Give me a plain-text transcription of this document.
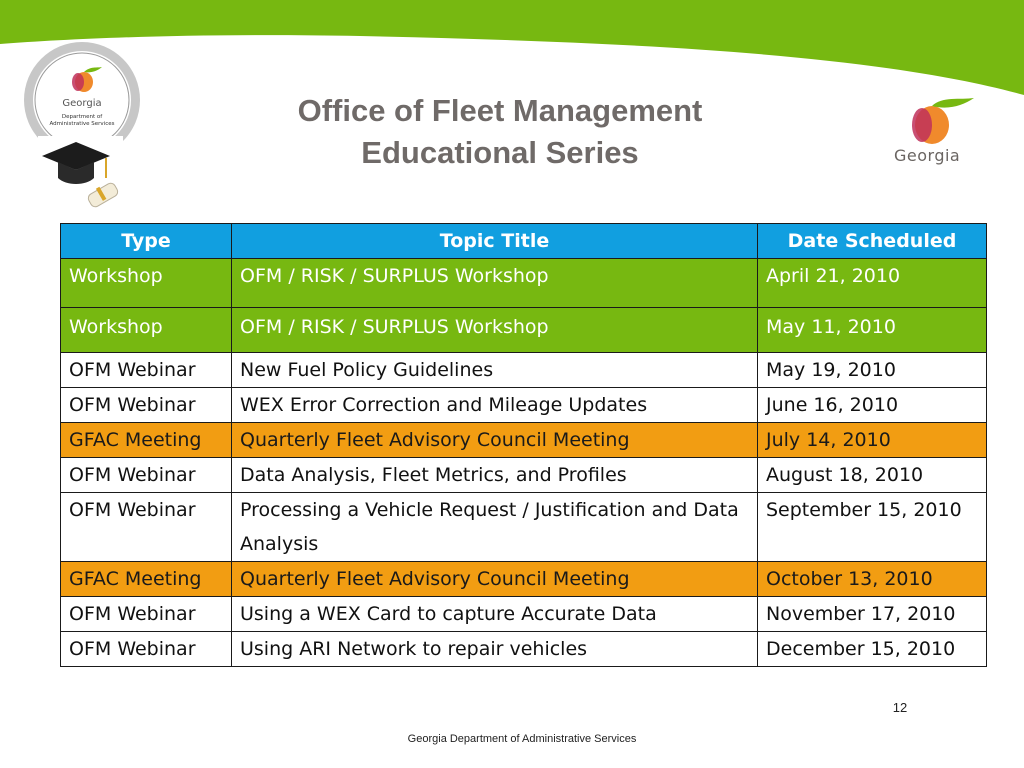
Georgia
Department of
Administrative Services	Office of Fleet Management
Educational Series	Georgia
Type	Topic Title	Date Scheduled
Workshop	OFM / RISK / SURPLUS Workshop	April 21, 2010
Workshop	OFM / RISK / SURPLUS Workshop	May 11, 2010
OFM Webinar	New Fuel Policy Guidelines	May 19, 2010
OFM Webinar	WEX Error Correction and Mileage Updates	June 16, 2010
GFAC Meeting	Quarterly Fleet Advisory Council Meeting	July 14, 2010
OFM Webinar	Data Analysis, Fleet Metrics, and Profiles	August 18, 2010
OFM Webinar	Processing a Vehicle Request / Justification and Data Analysis	September 15, 2010
GFAC Meeting	Quarterly Fleet Advisory Council Meeting	October 13, 2010
OFM Webinar	Using a WEX Card to capture Accurate Data	November 17, 2010
OFM Webinar	Using ARI Network to repair vehicles	December 15, 2010
12
Georgia Department of Administrative Services
